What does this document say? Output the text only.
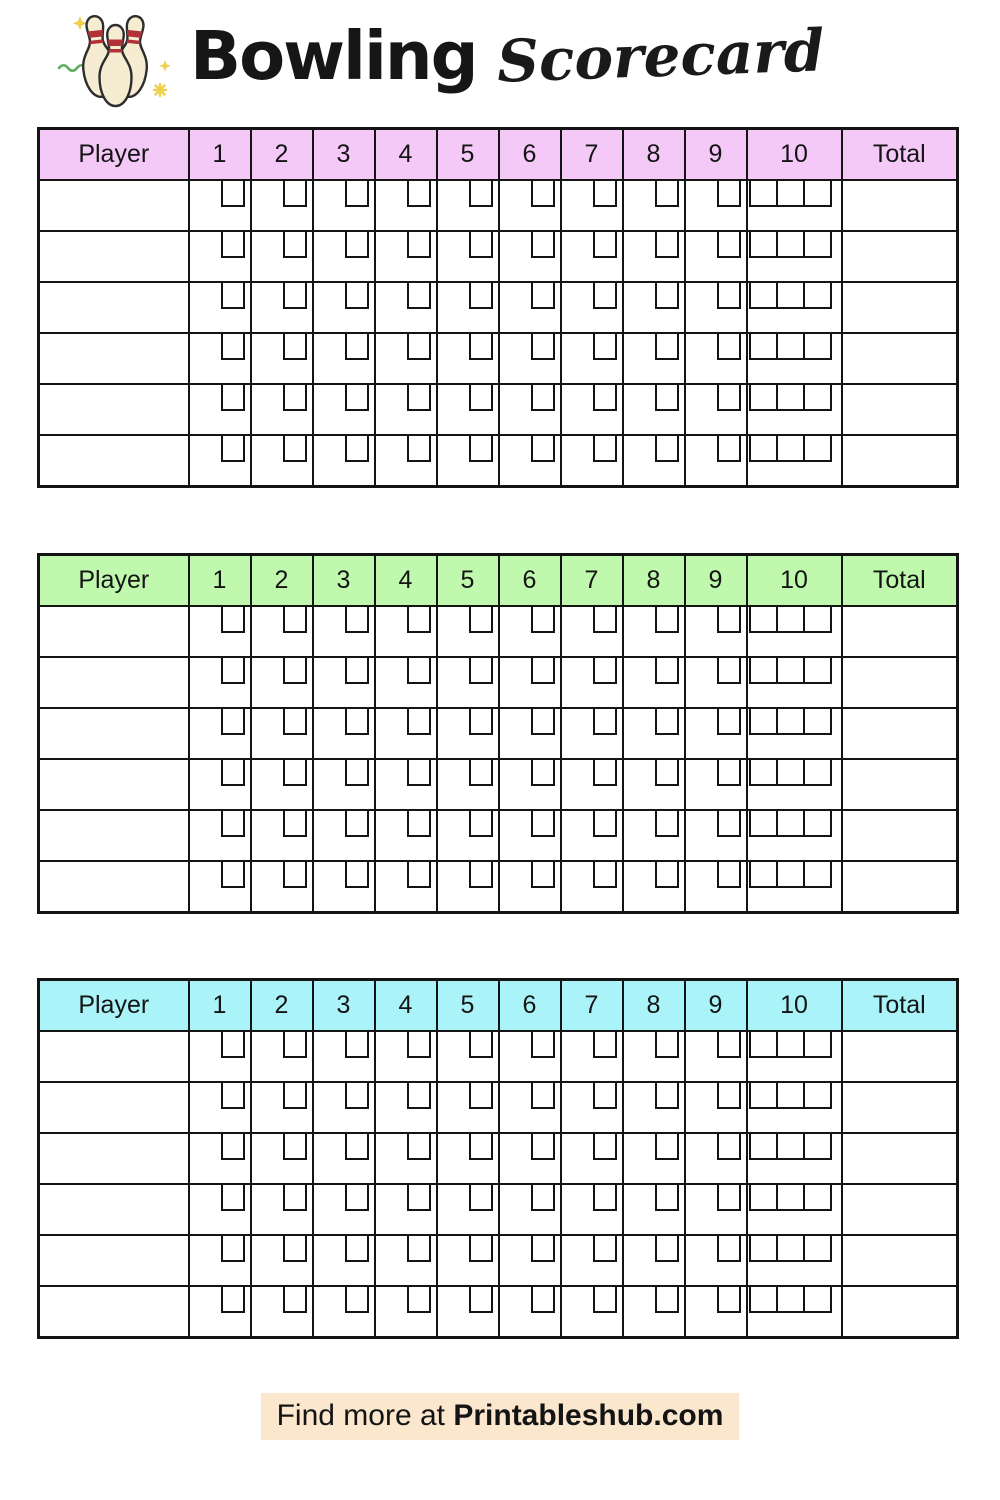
Bowling Scorecard
Player	1	2	3	4	5	6	7	8	9	10	Total

Player	1	2	3	4	5	6	7	8	9	10	Total

Player	1	2	3	4	5	6	7	8	9	10	Total

Find more at Printableshub.com
